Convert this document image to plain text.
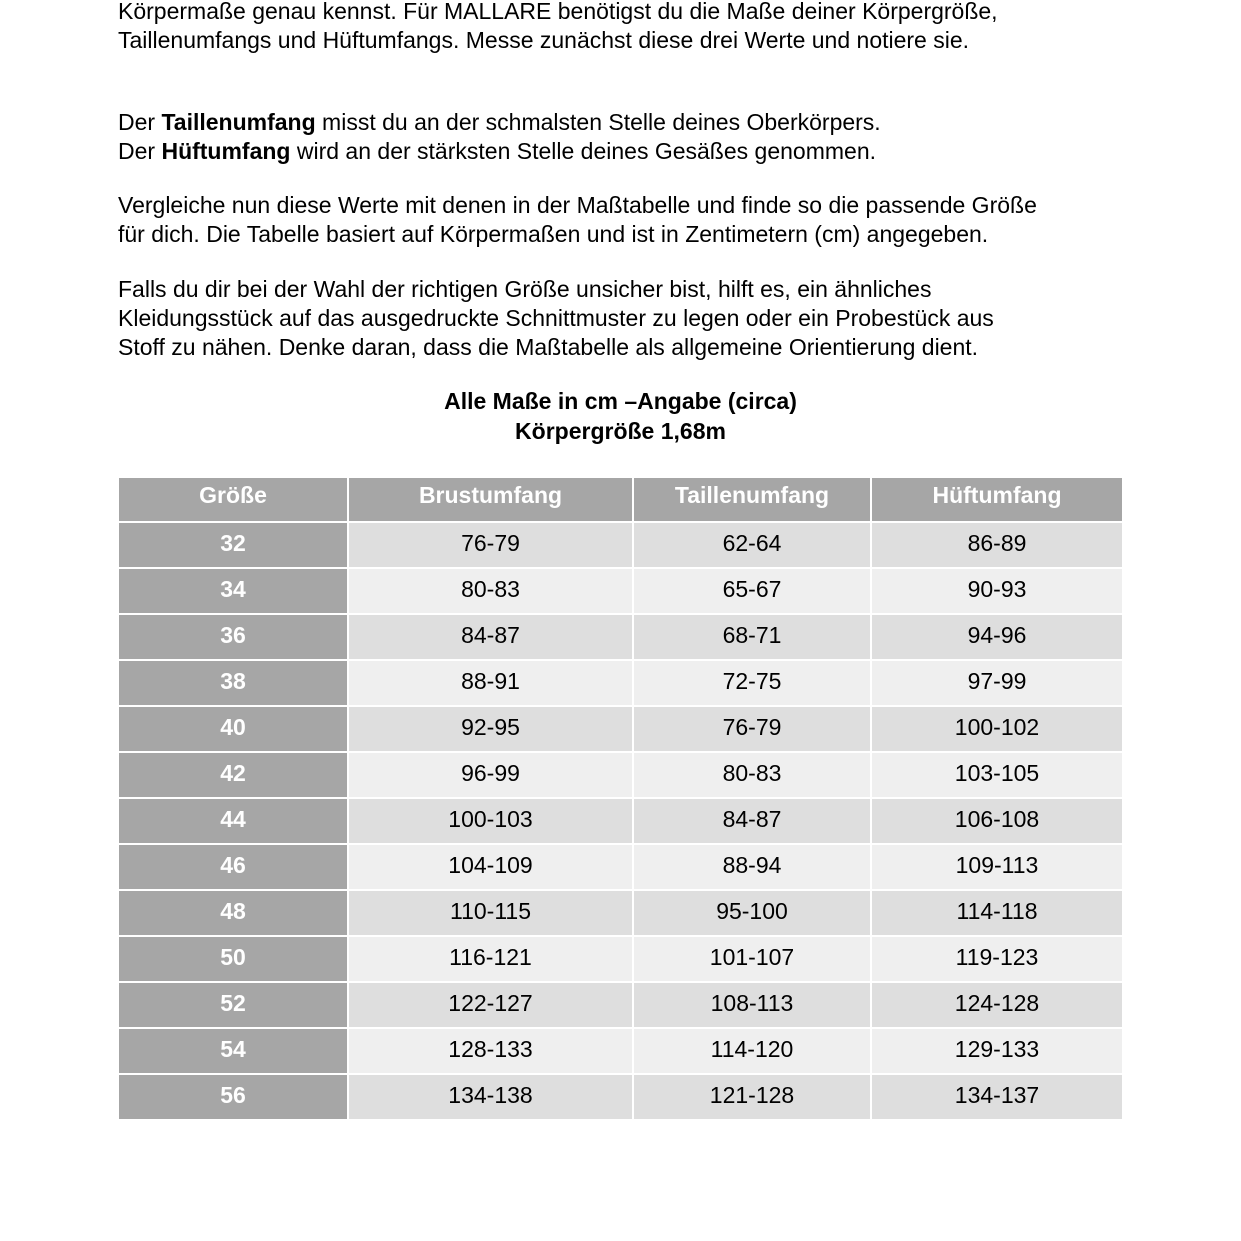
Körpermaße genau kennst. Für MALLARE benötigst du die Maße deiner Körpergröße,
Taillenumfangs und Hüftumfangs. Messe zunächst diese drei Werte und notiere sie.

Der Taillenumfang misst du an der schmalsten Stelle deines Oberkörpers.
Der Hüftumfang wird an der stärksten Stelle deines Gesäßes genommen.

Vergleiche nun diese Werte mit denen in der Maßtabelle und finde so die passende Größe
für dich. Die Tabelle basiert auf Körpermaßen und ist in Zentimetern (cm) angegeben.

Falls du dir bei der Wahl der richtigen Größe unsicher bist, hilft es, ein ähnliches
Kleidungsstück auf das ausgedruckte Schnittmuster zu legen oder ein Probestück aus
Stoff zu nähen. Denke daran, dass die Maßtabelle als allgemeine Orientierung dient.

Alle Maße in cm –Angabe (circa)
Körpergröße 1,68m
Größe	Brustumfang	Taillenumfang	Hüftumfang
32	76-79	62-64	86-89
34	80-83	65-67	90-93
36	84-87	68-71	94-96
38	88-91	72-75	97-99
40	92-95	76-79	100-102
42	96-99	80-83	103-105
44	100-103	84-87	106-108
46	104-109	88-94	109-113
48	110-115	95-100	114-118
50	116-121	101-107	119-123
52	122-127	108-113	124-128
54	128-133	114-120	129-133
56	134-138	121-128	134-137
